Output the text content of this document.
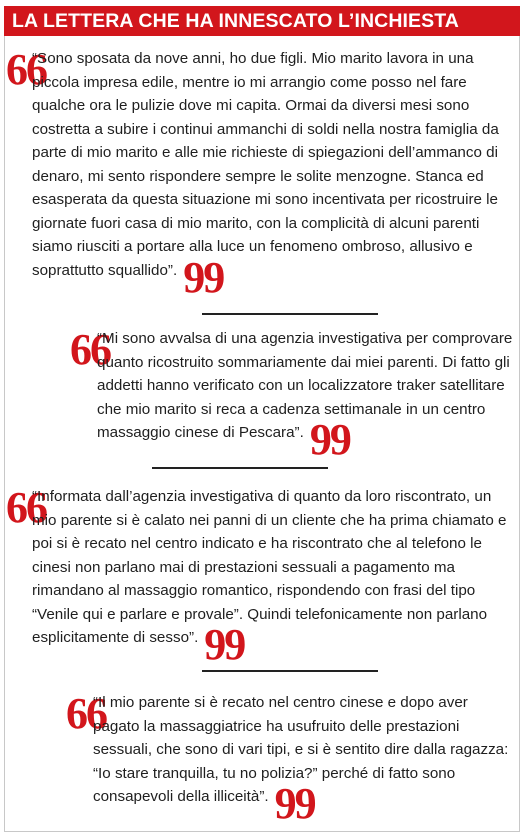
LA LETTERA CHE HA INNESCATO L’INCHIESTA
66
“Sono sposata da nove anni, ho due figli. Mio marito lavora in una piccola impresa edile, mentre io mi arrangio come posso nel fare qualche ora le pulizie dove mi capita. Ormai da diversi mesi sono costretta a subire i continui ammanchi di soldi nella nostra famiglia da parte di mio marito e alle mie richieste di spiegazioni dell’ammanco di denaro, mi sento rispondere sempre le solite menzogne. Stanca ed esasperata da questa situazione mi sono incentivata per ricostruire le giornate fuori casa di mio marito, con la complicità di alcuni parenti siamo riusciti a portare alla luce un fenomeno ombroso, allusivo e soprattutto squallido”. 99
66
“Mi sono avvalsa di una agenzia investigativa per comprovare quanto ricostruito sommariamente dai miei parenti. Di fatto gli addetti hanno verificato con un localizzatore traker satellitare che mio marito si reca a cadenza settimanale in un centro massaggio cinese di Pescara”. 99
66
“Informata dall’agenzia investigativa di quanto da loro riscontrato, un mio parente si è calato nei panni di un cliente che ha prima chiamato e poi si è recato nel centro indicato e ha riscontrato che al telefono le cinesi non parlano mai di prestazioni sessuali a pagamento ma rimandano al massaggio romantico, rispondendo con frasi del tipo “Venile qui e parlare e provale”. Quindi telefonicamente non parlano esplicitamente di sesso”. 99
66
“Il mio parente si è recato nel centro cinese e dopo aver pagato la massaggiatrice ha usufruito delle prestazioni sessuali, che sono di vari tipi, e si è sentito dire dalla ragazza: “Io stare tranquilla, tu no polizia?” perché di fatto sono consapevoli della illiceità”. 99
